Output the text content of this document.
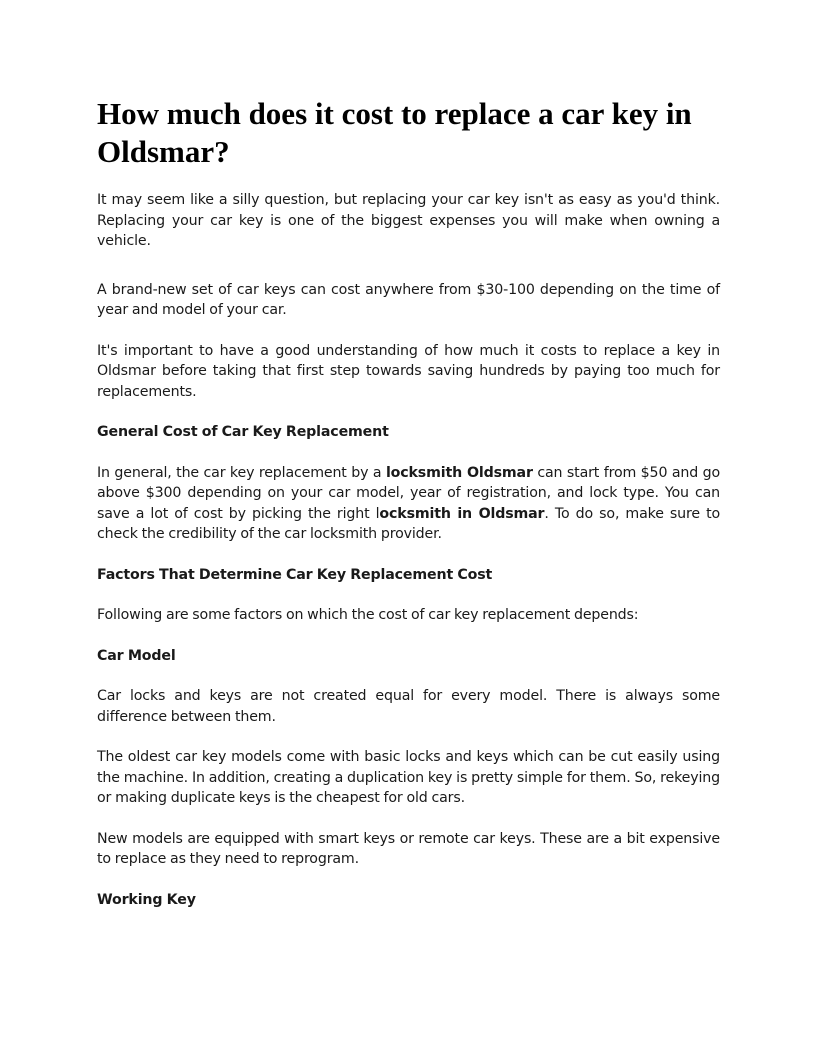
How much does it cost to replace a car key in Oldsmar?

It may seem like a silly question, but replacing your car key isn't as easy as you'd think. Replacing your car key is one of the biggest expenses you will make when owning a vehicle.

A brand-new set of car keys can cost anywhere from $30-100 depending on the time of year and model of your car.

It's important to have a good understanding of how much it costs to replace a key in Oldsmar before taking that first step towards saving hundreds by paying too much for replacements.

General Cost of Car Key Replacement

In general, the car key replacement by a locksmith Oldsmar can start from $50 and go above $300 depending on your car model, year of registration, and lock type. You can save a lot of cost by picking the right locksmith in Oldsmar. To do so, make sure to check the credibility of the car locksmith provider.

Factors That Determine Car Key Replacement Cost

Following are some factors on which the cost of car key replacement depends:

Car Model

Car locks and keys are not created equal for every model. There is always some difference between them.

The oldest car key models come with basic locks and keys which can be cut easily using the machine. In addition, creating a duplication key is pretty simple for them. So, rekeying or making duplicate keys is the cheapest for old cars.

New models are equipped with smart keys or remote car keys. These are a bit expensive to replace as they need to reprogram.

Working Key
